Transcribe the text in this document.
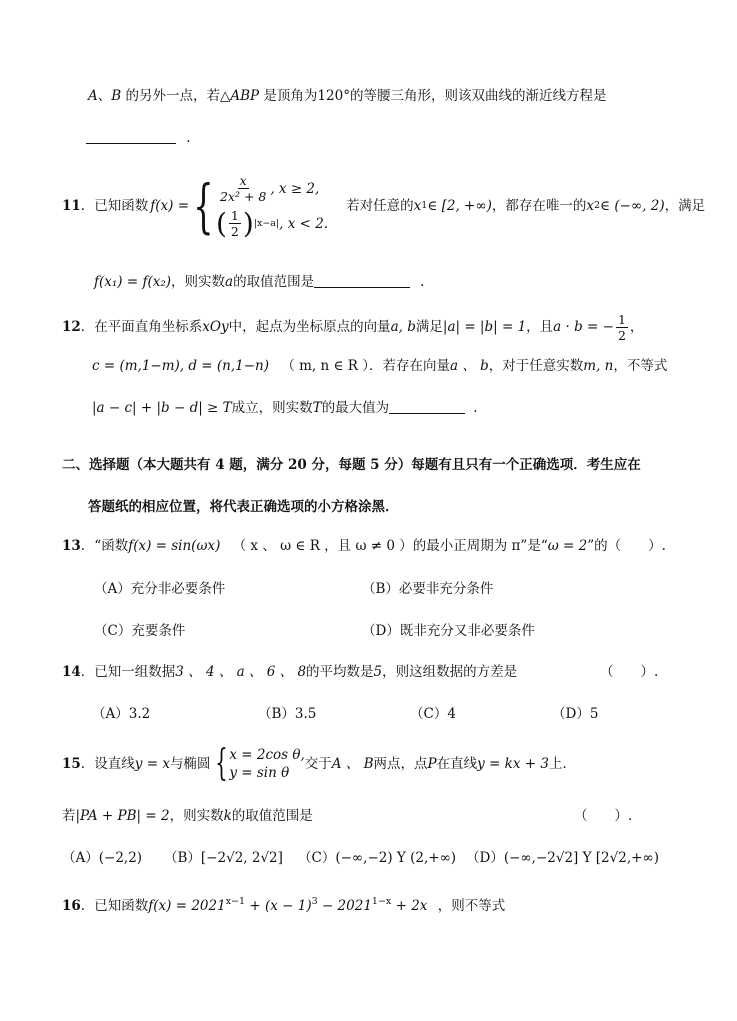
A、B 的另外一点，若△ABP 是顶角为120°的等腰三角形，则该双曲线的渐近线方程是
.
11 ．已知函数 f(x) = { $\frac{x}{\text{2x² + 8}}$ , x ≥ 2,
( $\frac{1}{2}$ ) |x−a| , x < 2.
若对任意的 x 1 ∈ [2, +∞) ，都存在唯一的 x 2 ∈ (−∞, 2) ，满足
f(x₁) = f(x₂)，则实数a的取值范围是	.
12 ．在平面直角坐标系 xOy 中，起点为坐标原点的向量 a, b 满足 |a| = |b| = 1 ，且 a · b = − $\frac{1}{2}$ ，
c = (m,1−m), d = (n,1−n) （ m, n ∈ R ）．若存在向量a 、 b，对于任意实数m, n，不等式
|a − c| + |b − d| ≥ T成立，则实数T的最大值为	.
二、选择题（本大题共有 4 题，满分 20 分，每题 5 分）每题有且只有一个正确选项．考生应在
答题纸的相应位置，将代表正确选项的小方格涂黑．
13．“函数f(x) = sin(ωx) （ x 、 ω ∈ R ，且 ω ≠ 0 ）的最小正周期为 π”是“ω = 2”的（　　）.
（A）充分非必要条件	（B）必要非充分条件
（C）充要条件	（D）既非充分又非必要条件
14．已知一组数据3 、 4 、 a 、 6 、 8的平均数是5，则这组数据的方差是	（　　）.
（A）3.2	（B）3.5	（C）4	（D）5
15 ．设直线 y = x 与椭圆 { x = 2cos θ,
y = sin θ
交于 A 、 B 两点，点 P 在直线 y = kx + 3 上．
若|PA + PB| = 2，则实数k的取值范围是	（　　）.
（A）(−2,2) （B）[−2√2, 2√2] （C）(−∞,−2) Y (2,+∞) （D）(−∞,−2√2] Y [2√2,+∞)
16．已知函数$f(x) = 2021^{x-1} + (x - 1)^3 - 2021^{1-x} + 2x$ ，则不等式
